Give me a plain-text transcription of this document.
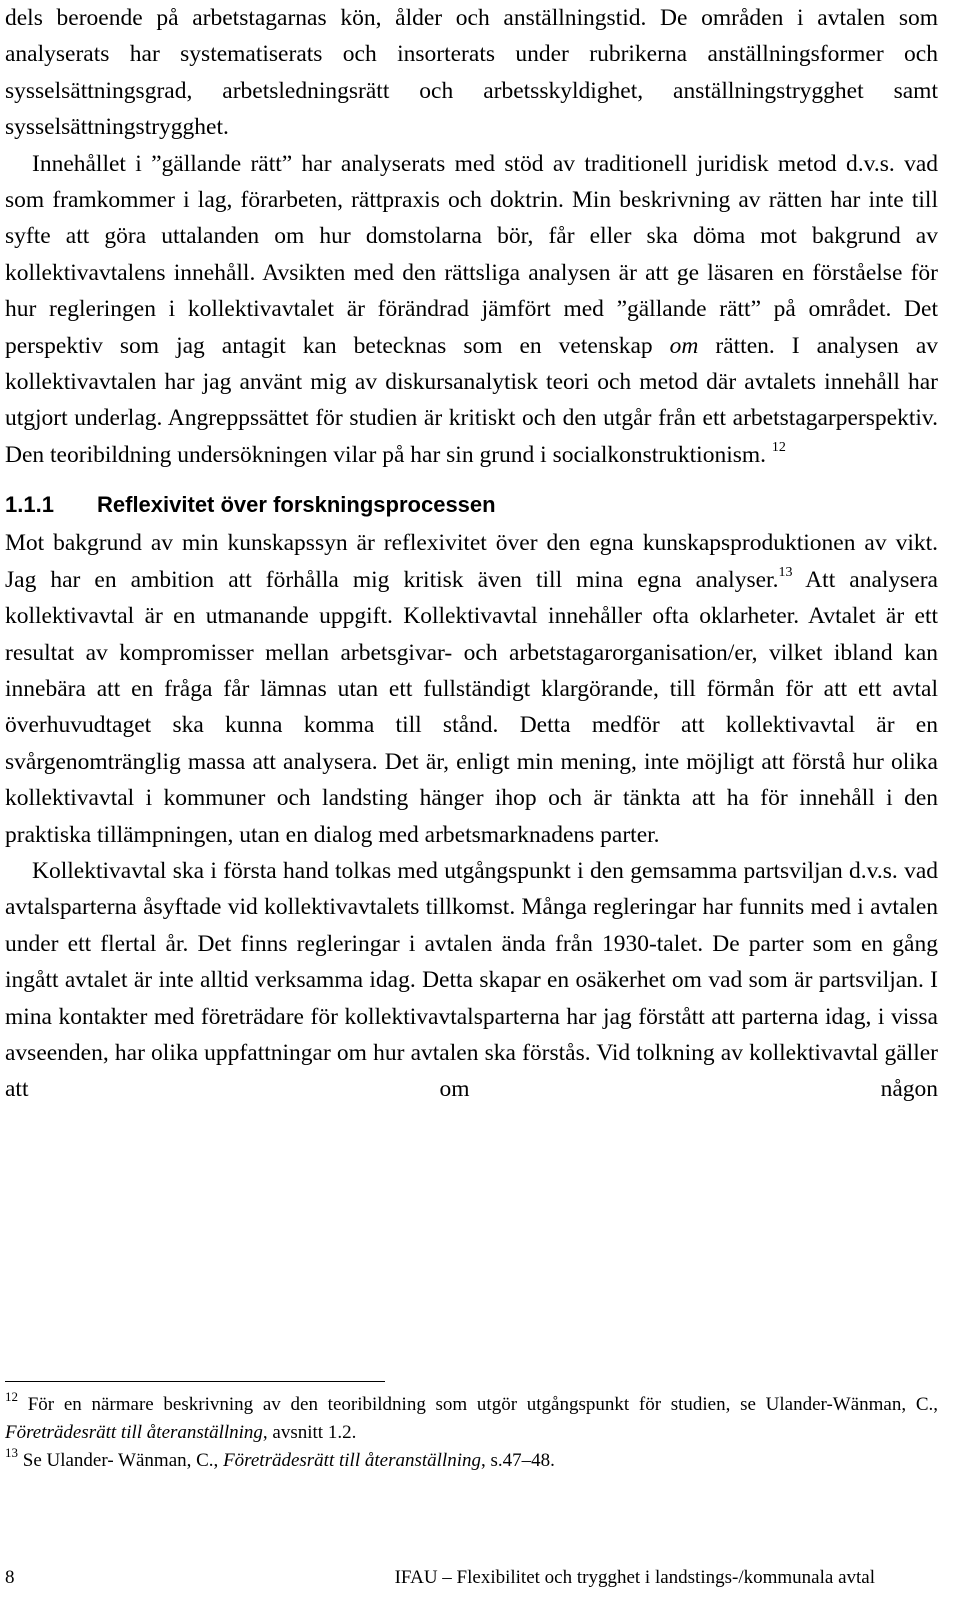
dels beroende på arbetstagarnas kön, ålder och anställningstid. De områden i avtalen som analyserats har systematiserats och insorterats under rubrikerna anställningsformer och sysselsättningsgrad, arbetsledningsrätt och arbetsskyldighet, anställningstrygghet samt sysselsättningstrygghet.

Innehållet i ”gällande rätt” har analyserats med stöd av traditionell juridisk metod d.v.s. vad som framkommer i lag, förarbeten, rättpraxis och doktrin. Min beskrivning av rätten har inte till syfte att göra uttalanden om hur domstolarna bör, får eller ska döma mot bakgrund av kollektivavtalens innehåll. Avsikten med den rättsliga analysen är att ge läsaren en förståelse för hur regleringen i kollektivavtalet är förändrad jämfört med ”gällande rätt” på området. Det perspektiv som jag antagit kan betecknas som en vetenskap om rätten. I analysen av kollektivavtalen har jag använt mig av diskursanalytisk teori och metod där avtalets innehåll har utgjort underlag. Angreppssättet för studien är kritiskt och den utgår från ett arbetstagarperspektiv. Den teoribildning undersökningen vilar på har sin grund i socialkonstruktionism. $^{12}$

1.1.1 Reflexivitet över forskningsprocessen

Mot bakgrund av min kunskapssyn är reflexivitet över den egna kunskapsproduktionen av vikt. Jag har en ambition att förhålla mig kritisk även till mina egna analyser.$^{13}$ Att analysera kollektivavtal är en utmanande uppgift. Kollektivavtal innehåller ofta oklarheter. Avtalet är ett resultat av kompromisser mellan arbetsgivar- och arbetstagarorganisation/er, vilket ibland kan innebära att en fråga får lämnas utan ett fullständigt klargörande, till förmån för att ett avtal överhuvudtaget ska kunna komma till stånd. Detta medför att kollektivavtal är en svårgenomtränglig massa att analysera. Det är, enligt min mening, inte möjligt att förstå hur olika kollektivavtal i kommuner och landsting hänger ihop och är tänkta att ha för innehåll i den praktiska tillämpningen, utan en dialog med arbetsmarknadens parter.

Kollektivavtal ska i första hand tolkas med utgångspunkt i den gemsamma partsviljan d.v.s. vad avtalsparterna åsyftade vid kollektivavtalets tillkomst. Många regleringar har funnits med i avtalen under ett flertal år. Det finns regleringar i avtalen ända från 1930-talet. De parter som en gång ingått avtalet är inte alltid verksamma idag. Detta skapar en osäkerhet om vad som är partsviljan. I mina kontakter med företrädare för kollektivavtalsparterna har jag förstått att parterna idag, i vissa avseenden, har olika uppfattningar om hur avtalen ska förstås. Vid tolkning av kollektivavtal gäller att om någon

$^{12}$ För en närmare beskrivning av den teoribildning som utgör utgångspunkt för studien, se Ulander-Wänman, C., Företrädesrätt till återanställning, avsnitt 1.2.

$^{13}$ Se Ulander- Wänman, C., Företrädesrätt till återanställning, s.47–48.

8	IFAU – Flexibilitet och trygghet i landstings-/kommunala avtal
